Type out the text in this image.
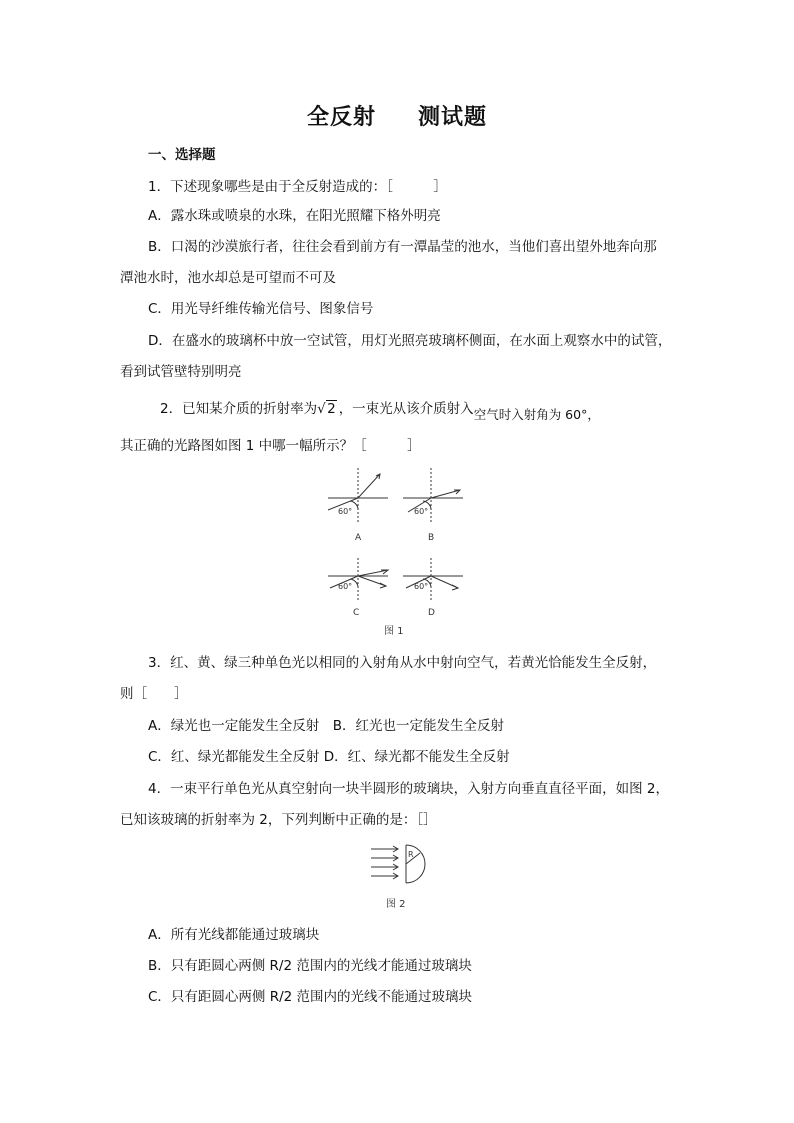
全反射 测试题
一、选择题
1．下述现象哪些是由于全反射造成的：［　　　］
A．露水珠或喷泉的水珠，在阳光照耀下格外明亮
B．口渴的沙漠旅行者，往往会看到前方有一潭晶莹的池水，当他们喜出望外地奔向那
潭池水时，池水却总是可望而不可及
C．用光导纤维传输光信号、图象信号
D．在盛水的玻璃杯中放一空试管，用灯光照亮玻璃杯侧面，在水面上观察水中的试管，
看到试管壁特别明亮
2．已知某介质的折射率为√ 2 ，一束光从该介质射入空气时入射角为 60°，
其正确的光路图如图 1 中哪一幅所示？［　　　］
60°
A
60°
B
60°
C
60°
D
图 1
3．红、黄、绿三种单色光以相同的入射角从水中射向空气，若黄光恰能发生全反射，
则［　　］
A．绿光也一定能发生全反射　B．红光也一定能发生全反射
C．红、绿光都能发生全反射 D．红、绿光都不能发生全反射
4．一束平行单色光从真空射向一块半圆形的玻璃块，入射方向垂直直径平面，如图 2，
已知该玻璃的折射率为 2，下列判断中正确的是：［］
R
图 2
A．所有光线都能通过玻璃块
B．只有距圆心两侧 R/2 范围内的光线才能通过玻璃块
C．只有距圆心两侧 R/2 范围内的光线不能通过玻璃块
